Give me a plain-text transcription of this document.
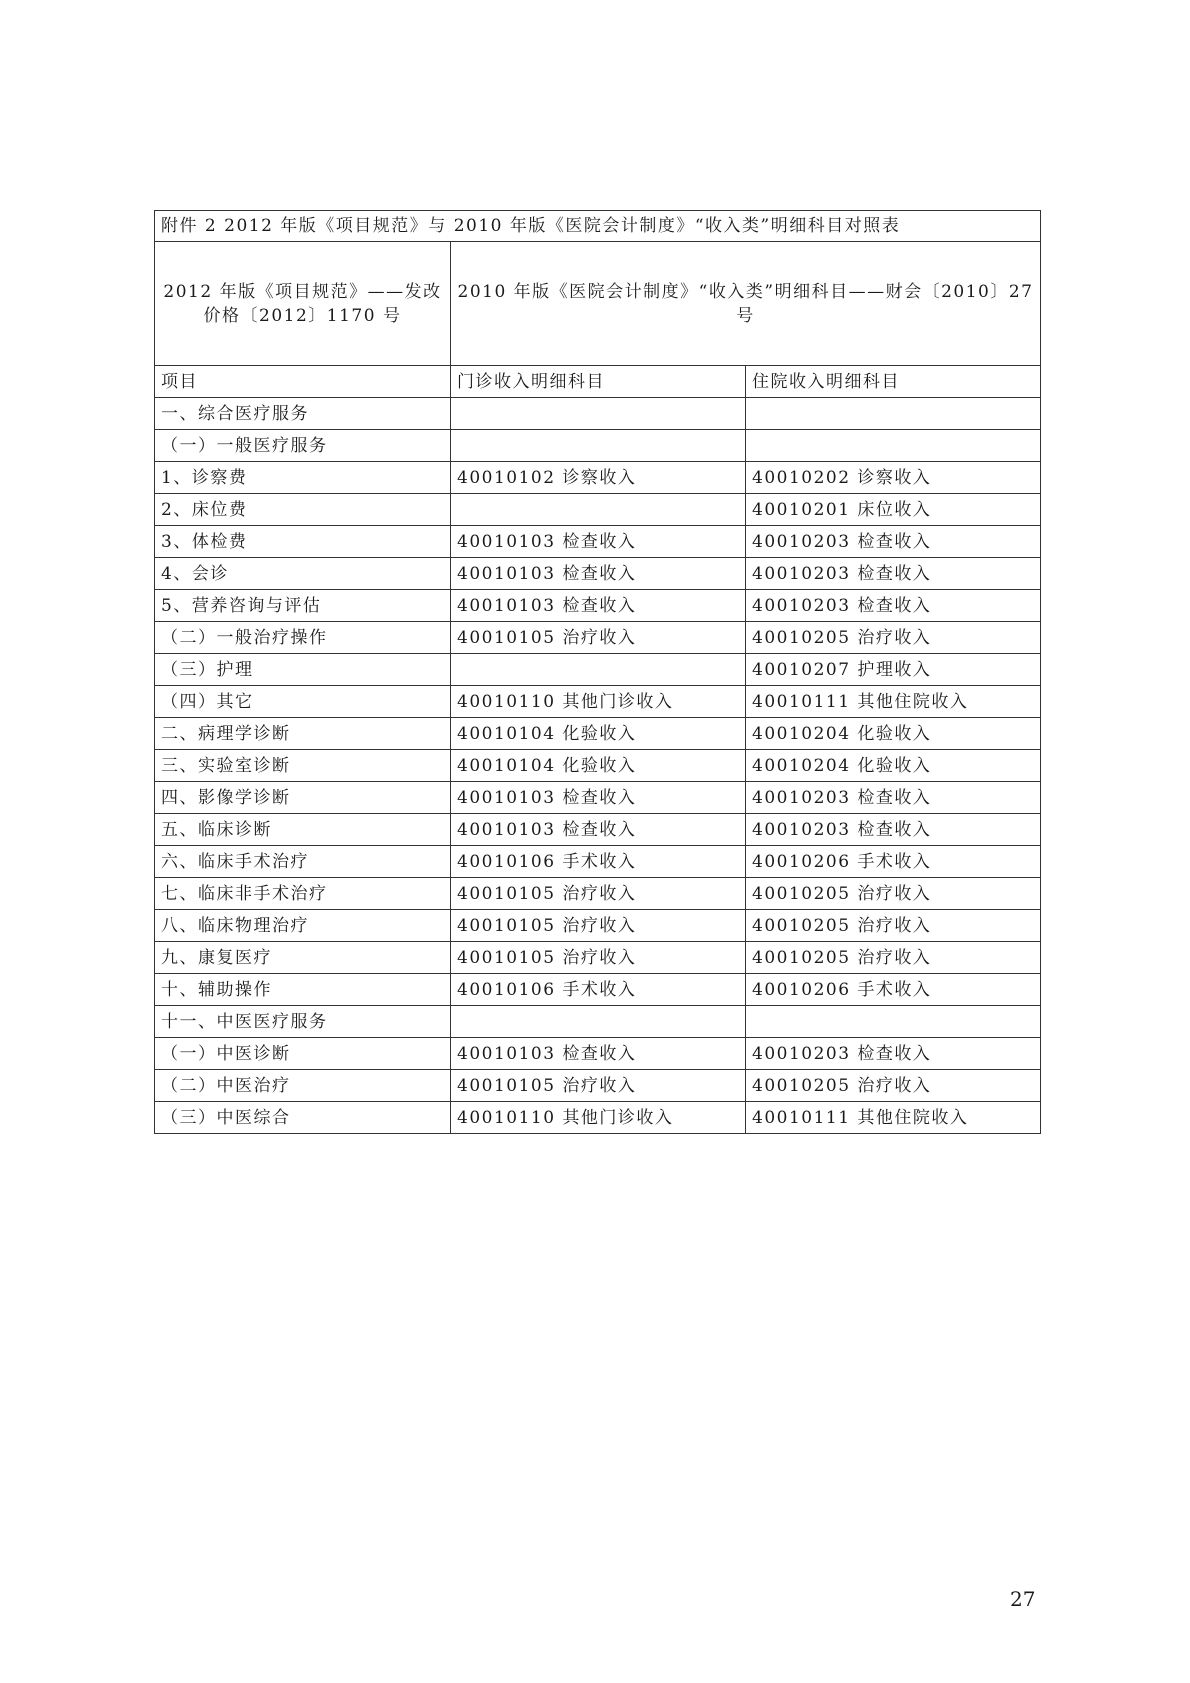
附件 2 2012 年版《项目规范》与 2010 年版《医院会计制度》“收入类”明细科目对照表		
2012 年版《项目规范》——发改价格〔2012〕1170 号	2010 年版《医院会计制度》“收入类”明细科目——财会〔2010〕27 号	
项目	门诊收入明细科目	住院收入明细科目
一、综合医疗服务		
（一）一般医疗服务		
1、诊察费	40010102 诊察收入	40010202 诊察收入
2、床位费		40010201 床位收入
3、体检费	40010103 检查收入	40010203 检查收入
4、会诊	40010103 检查收入	40010203 检查收入
5、营养咨询与评估	40010103 检查收入	40010203 检查收入
（二）一般治疗操作	40010105 治疗收入	40010205 治疗收入
（三）护理		40010207 护理收入
（四）其它	40010110 其他门诊收入	40010111 其他住院收入
二、病理学诊断	40010104 化验收入	40010204 化验收入
三、实验室诊断	40010104 化验收入	40010204 化验收入
四、影像学诊断	40010103 检查收入	40010203 检查收入
五、临床诊断	40010103 检查收入	40010203 检查收入
六、临床手术治疗	40010106 手术收入	40010206 手术收入
七、临床非手术治疗	40010105 治疗收入	40010205 治疗收入
八、临床物理治疗	40010105 治疗收入	40010205 治疗收入
九、康复医疗	40010105 治疗收入	40010205 治疗收入
十、辅助操作	40010106 手术收入	40010206 手术收入
十一、中医医疗服务		
（一）中医诊断	40010103 检查收入	40010203 检查收入
（二）中医治疗	40010105 治疗收入	40010205 治疗收入
（三）中医综合	40010110 其他门诊收入	40010111 其他住院收入
27
